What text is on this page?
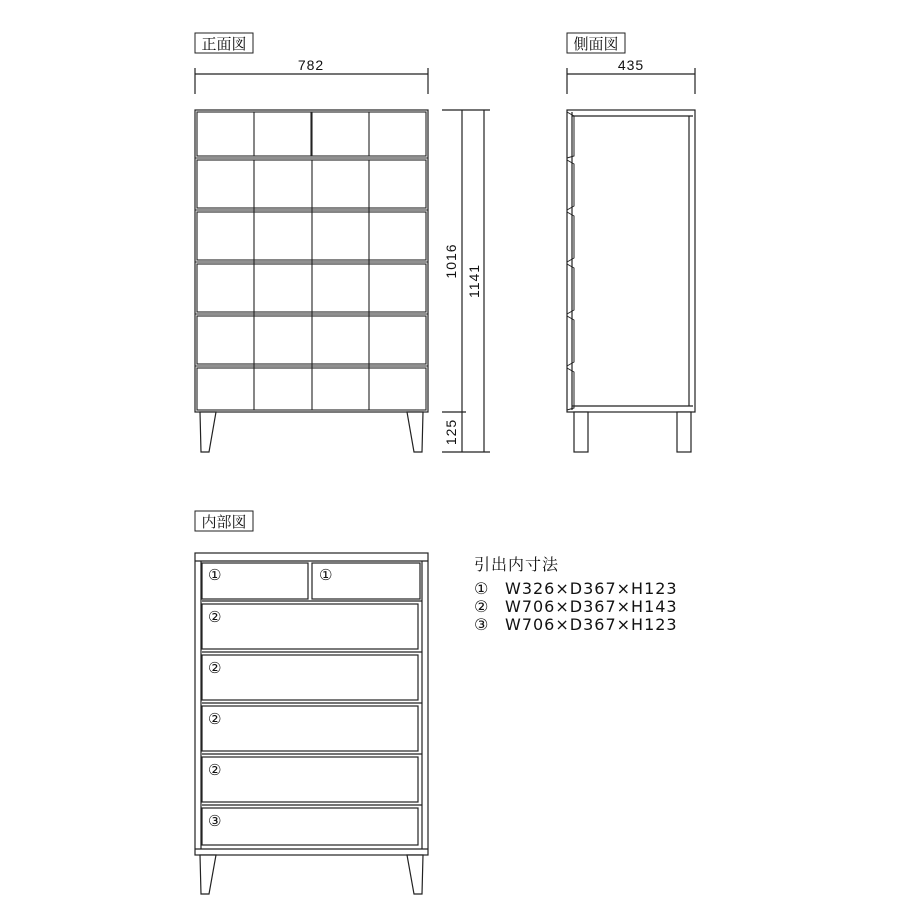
正面図
782
1016
1141
125
側面図
435
内部図
①	①
②
②
②
②
③
引出内寸法
① W326×D367×H123
② W706×D367×H143
③ W706×D367×H123
